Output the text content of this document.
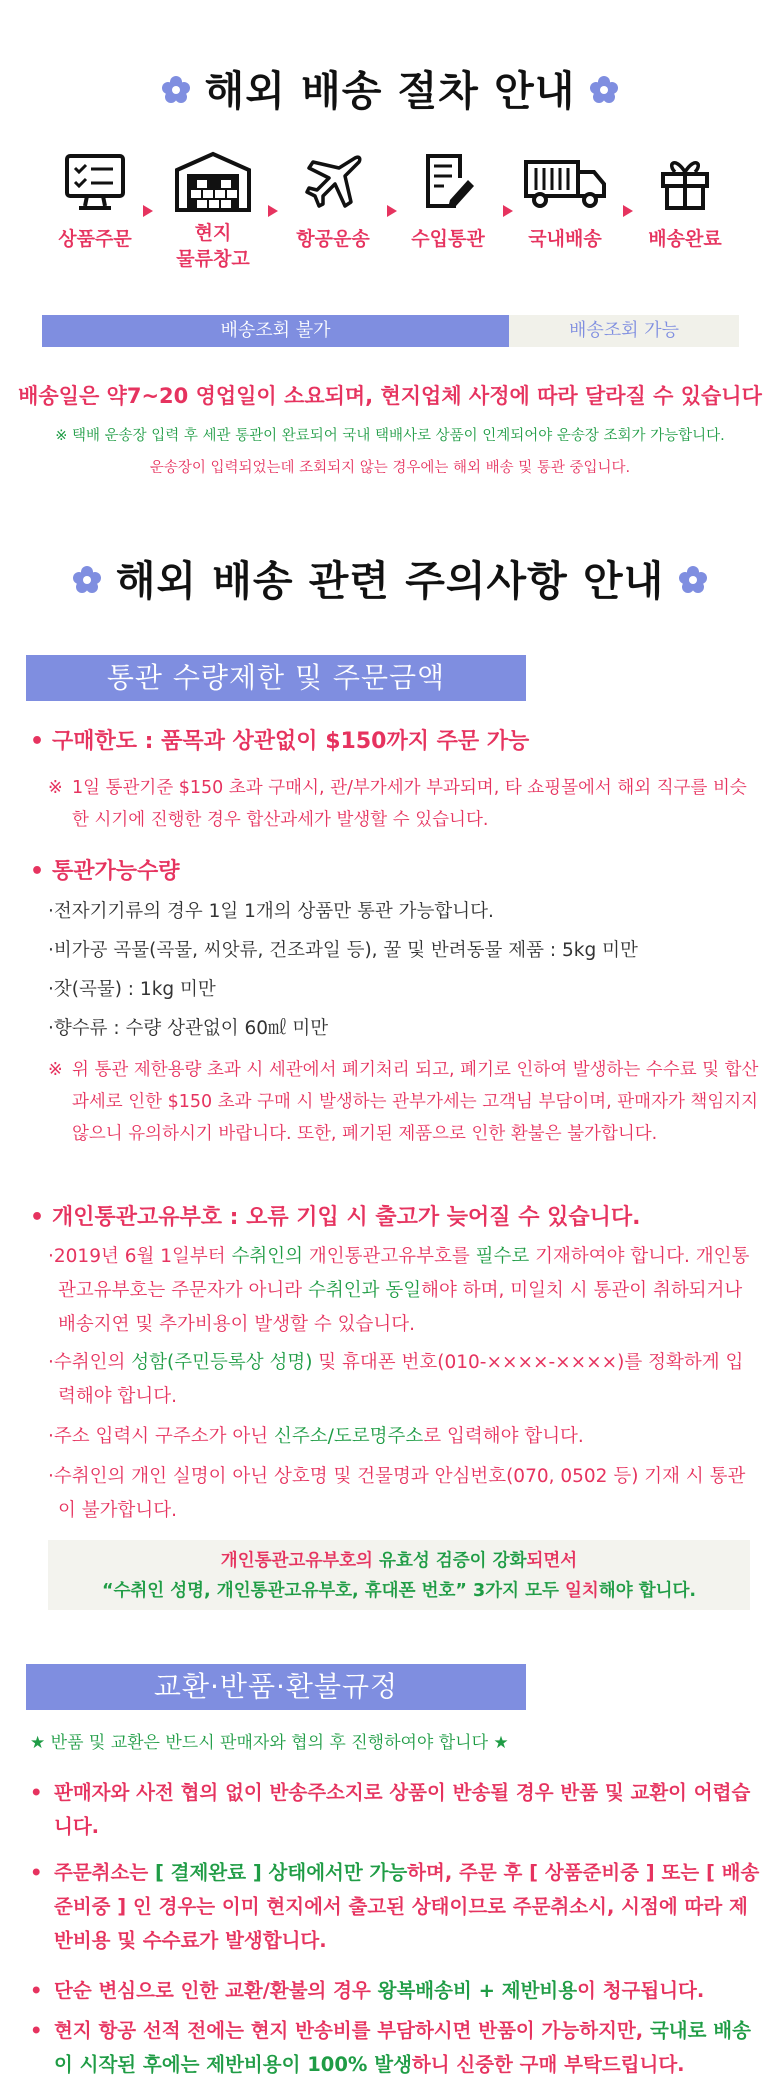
해외 배송 절차 안내
상품주문	현지
물류창고
항공운송	수입통관	국내배송	배송완료
배송조회 불가	배송조회 가능
배송일은 약7~20 영업일이 소요되며, 현지업체 사정에 따라 달라질 수 있습니다
※ 택배 운송장 입력 후 세관 통관이 완료되어 국내 택배사로 상품이 인계되어야 운송장 조회가 가능합니다.
운송장이 입력되었는데 조회되지 않는 경우에는 해외 배송 및 통관 중입니다.
해외 배송 관련 주의사항 안내
통관 수량제한 및 주문금액
• 구매한도 : 품목과 상관없이 $150까지 주문 가능
※ 1일 통관기준 $150 초과 구매시, 관/부가세가 부과되며, 타 쇼핑몰에서 해외 직구를 비슷한 시기에 진행한 경우 합산과세가 발생할 수 있습니다.
• 통관가능수량
·전자기기류의 경우 1일 1개의 상품만 통관 가능합니다.
·비가공 곡물(곡물, 씨앗류, 건조과일 등), 꿀 및 반려동물 제품 : 5kg 미만
·잣(곡물) : 1kg 미만
·향수류 : 수량 상관없이 60㎖ 미만
※ 위 통관 제한용량 초과 시 세관에서 폐기처리 되고, 폐기로 인하여 발생하는 수수료 및 합산과세로 인한 $150 초과 구매 시 발생하는 관부가세는 고객님 부담이며, 판매자가 책임지지 않으니 유의하시기 바랍니다. 또한, 폐기된 제품으로 인한 환불은 불가합니다.
• 개인통관고유부호 : 오류 기입 시 출고가 늦어질 수 있습니다.
·2019년 6월 1일부터 수취인의 개인통관고유부호를 필수로 기재하여야 합니다. 개인통관고유부호는 주문자가 아니라 수취인과 동일해야 하며, 미일치 시 통관이 취하되거나 배송지연 및 추가비용이 발생할 수 있습니다.
·수취인의 성함(주민등록상 성명) 및 휴대폰 번호(010-××××-××××)를 정확하게 입력해야 합니다.
·주소 입력시 구주소가 아닌 신주소/도로명주소로 입력해야 합니다.
·수취인의 개인 실명이 아닌 상호명 및 건물명과 안심번호(070, 0502 등) 기재 시 통관이 불가합니다.
개인통관고유부호의 유효성 검증이 강화되면서
“수취인 성명, 개인통관고유부호, 휴대폰 번호” 3가지 모두 일치해야 합니다.
교환·반품·환불규정
★ 반품 및 교환은 반드시 판매자와 협의 후 진행하여야 합니다 ★
• 판매자와 사전 협의 없이 반송주소지로 상품이 반송될 경우 반품 및 교환이 어렵습니다.
• 주문취소는 [ 결제완료 ] 상태에서만 가능하며, 주문 후 [ 상품준비중 ] 또는 [ 배송준비중 ] 인 경우는 이미 현지에서 출고된 상태이므로 주문취소시, 시점에 따라 제반비용 및 수수료가 발생합니다.
• 단순 변심으로 인한 교환/환불의 경우 왕복배송비 + 제반비용이 청구됩니다.
• 현지 항공 선적 전에는 현지 반송비를 부담하시면 반품이 가능하지만, 국내로 배송이 시작된 후에는 제반비용이 100% 발생하니 신중한 구매 부탁드립니다.
